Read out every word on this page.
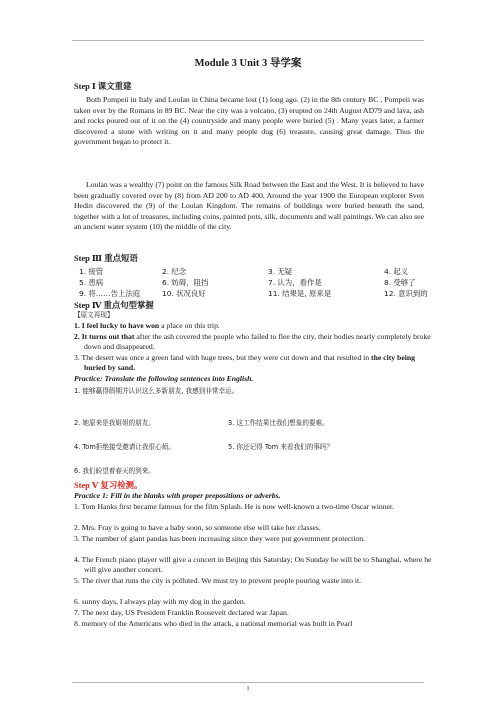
Module 3 Unit 3 导学案
Step Ⅰ 课文重建
Both Pompeii in Italy and Loulan in China became lost (1) long ago. (2) in the 8th century BC , Pompeii was taken over by the Romans in 89 BC. Near the city was a volcano, (3) erupted on 24th August AD79 and lava, ash and rocks poured out of it on the (4) countryside and many people were buried (5) . Many years later, a farmer discovered a stone with writing on it and many people dug (6) treasure, causing great damage. Thus the government began to protect it.
Loulan was a wealthy (7) point on the famous Silk Road between the East and the West. It is believed to have been gradually covered over by (8) from AD 200 to AD 400. Around the year 1900 the European explorer Sven Hedin discovered the (9) of the Loulan Kingdom. The remains of buildings were buried beneath the sand, together with a lot of treasures, including coins, painted pots, silk, documents and wall paintings. We can also see an ancient water system (10) the middle of the city.
Step Ⅲ 重点短语
1. 接管	2. 纪念	3. 无疑	4. 起义
5. 患病	6. 妨碍，阻挡	7. 认为，看作是	8. 受够了
9. 将……告上法庭	10. 状况良好	11. 结果是, 原来是	12. 意识到的
Step Ⅳ 重点句型掌握
【原文再现】
1. I feel lucky to have won a place on this trip.
2. It turns out that after the ash covered the people who failed to flee the city, their bodies nearly completely broke down and disappeared.
3. The desert was once a green land with huge trees, but they were cut down and that resulted in the city being buried by sand.
Practice: Translate the following sentences into English.
1. 能够赢得假期并认识这么多新朋友, 我感到非常幸运。
2. 她原来是我姐姐的朋友。	3. 这工作结果比我们想象的要难。
4. Tom拒绝接受邀请让我很心烦。	5. 你还记得 Tom 来看我们的事吗？
6. 我们盼望着春天的到来。
Step Ⅴ 复习检测。
Practice 1: Fill in the blanks with proper prepositions or adverbs.
1. Tom Hanks first became famous for the film Splash. He is now well-known a two-time Oscar winner.
2. Mrs. Fray is going to have a baby soon, so someone else will take her classes.
3. The number of giant pandas has been increasing since they were put government protection.
4. The French piano player will give a concert in Beijing this Saturday; On Sunday he will be to Shanghai, where he will give another concert.
5. The river that runs the city is polluted. We must try to prevent people pouring waste into it.
6. sunny days, I always play with my dog in the garden.
7. The next day, US President Franklin Roosevelt declared war Japan.
8. memory of the Americans who died in the attack, a national memorial was built in Pearl
1
